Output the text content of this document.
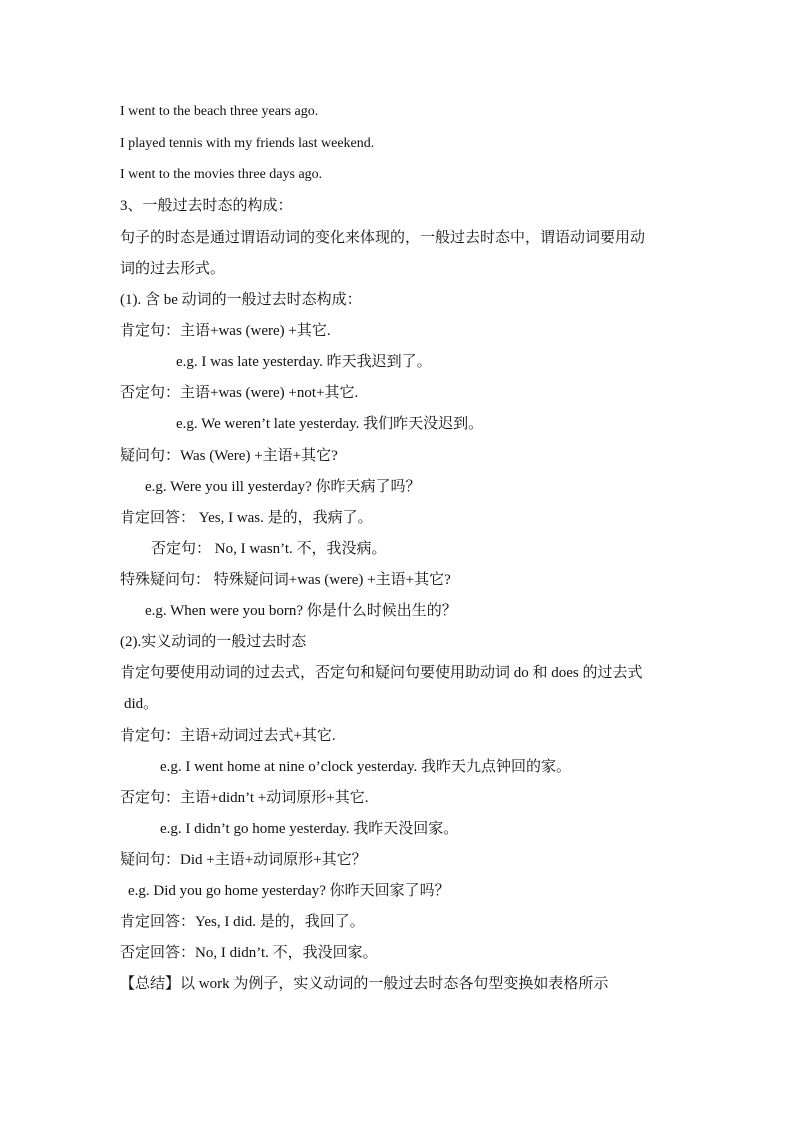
I went to the beach three years ago.
I played tennis with my friends last weekend.
I went to the movies three days ago.
3、一般过去时态的构成：
句子的时态是通过谓语动词的变化来体现的，一般过去时态中，谓语动词要用动
词的过去形式。
(1). 含 be 动词的一般过去时态构成：
肯定句：主语+was (were) +其它.
e.g. I was late yesterday. 昨天我迟到了。
否定句：主语+was (were) +not+其它.
e.g. We weren’t late yesterday. 我们昨天没迟到。
疑问句：Was (Were) +主语+其它?
e.g. Were you ill yesterday? 你昨天病了吗？
肯定回答： Yes, I was. 是的，我病了。
否定句： No, I wasn’t. 不，我没病。
特殊疑问句： 特殊疑问词+was (were) +主语+其它?
e.g. When were you born? 你是什么时候出生的？
(2).实义动词的一般过去时态
肯定句要使用动词的过去式，否定句和疑问句要使用助动词 do 和 does 的过去式
did。
肯定句：主语+动词过去式+其它.
e.g. I went home at nine o’clock yesterday. 我昨天九点钟回的家。
否定句：主语+didn’t +动词原形+其它.
e.g. I didn’t go home yesterday. 我昨天没回家。
疑问句：Did +主语+动词原形+其它？
e.g. Did you go home yesterday? 你昨天回家了吗？
肯定回答：Yes, I did. 是的，我回了。
否定回答：No, I didn’t. 不，我没回家。
【总结】以 work 为例子，实义动词的一般过去时态各句型变换如表格所示
